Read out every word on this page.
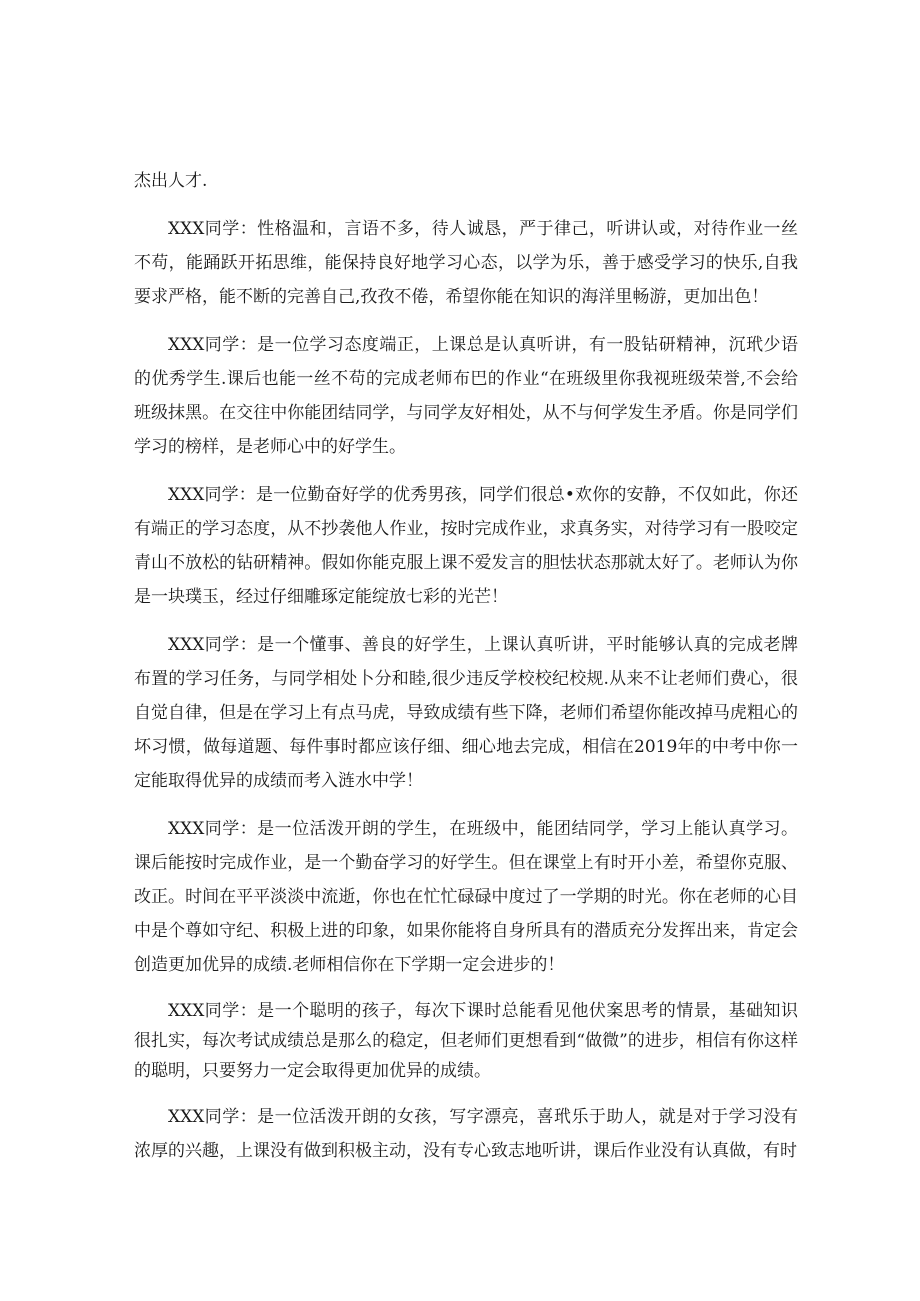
杰出人才.

XXX同学：性格温和，言语不多，待人诚恳，严于律己，听讲认或，对待作业一丝不苟，能踊跃开拓思维，能保持良好地学习心态，以学为乐，善于感受学习的快乐,自我要求严格，能不断的完善自己,孜孜不倦，希望你能在知识的海洋里畅游，更加出色！

XXX同学：是一位学习态度端正，上课总是认真听讲，有一股钻研精神，沉玳少语的优秀学生.课后也能一丝不苟的完成老师布巴的作业“在班级里你我视班级荣誉,不会给班级抹黑。在交往中你能团结同学，与同学友好相处，从不与何学发生矛盾。你是同学们学习的榜样，是老师心中的好学生。

XXX同学：是一位勤奋好学的优秀男孩，同学们很总•欢你的安静，不仅如此，你还有端正的学习态度，从不抄袭他人作业，按时完成作业，求真务实，对待学习有一股咬定青山不放松的钻研精神。假如你能克服上课不爱发言的胆怯状态那就太好了。老师认为你是一块璞玉，经过仔细雕琢定能绽放七彩的光芒！

XXX同学：是一个懂事、善良的好学生，上课认真听讲，平时能够认真的完成老牌布置的学习任务，与同学相处卜分和睦,很少违反学校校纪校规.从来不让老师们费心，很自觉自律，但是在学习上有点马虎，导致成绩有些下降，老师们希望你能改掉马虎粗心的坏习惯，做每道题、每件事时都应该仔细、细心地去完成，相信在2019年的中考中你一定能取得优异的成绩而考入涟水中学！

XXX同学：是一位活泼开朗的学生，在班级中，能团结同学，学习上能认真学习。课后能按时完成作业，是一个勤奋学习的好学生。但在课堂上有时开小差，希望你克服、改正。时间在平平淡淡中流逝，你也在忙忙碌碌中度过了一学期的时光。你在老师的心目中是个尊如守纪、积极上进的印象，如果你能将自身所具有的潜质充分发挥出来，肯定会创造更加优异的成绩.老师相信你在下学期一定会进步的！

XXX同学：是一个聪明的孩子，每次下课时总能看见他伏案思考的情景，基础知识很扎实，每次考试成绩总是那么的稳定，但老师们更想看到“做微”的进步，相信有你这样的聪明，只要努力一定会取得更加优异的成绩。

XXX同学：是一位活泼开朗的女孩，写字漂亮，喜玳乐于助人，就是对于学习没有浓厚的兴趣，上课没有做到积极主动，没有专心致志地听讲，课后作业没有认真做，有时
